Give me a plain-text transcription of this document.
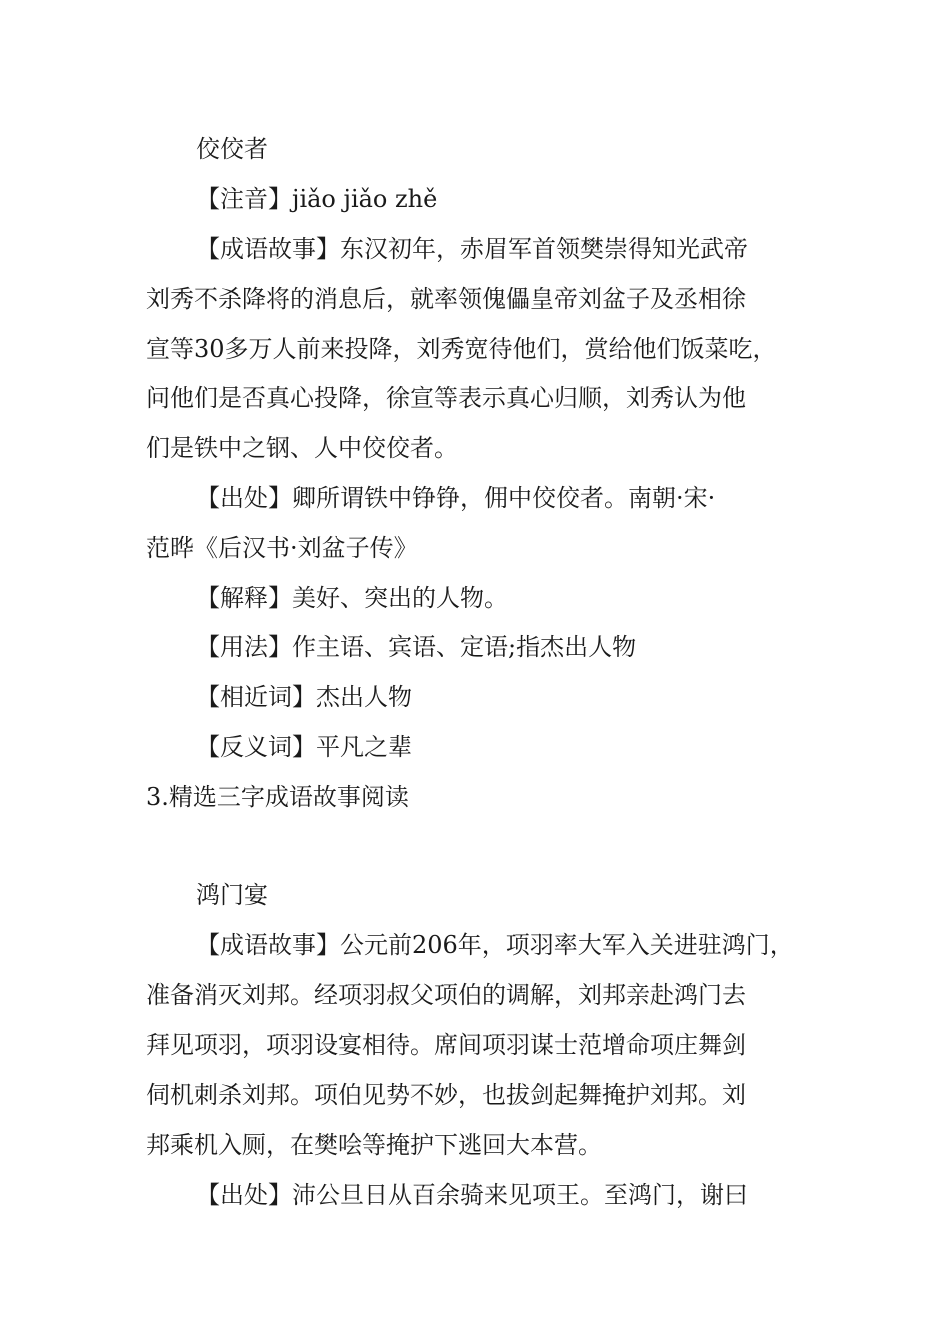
佼佼者
【注音】jiǎo jiǎo zhě
【成语故事】东汉初年，赤眉军首领樊崇得知光武帝
刘秀不杀降将的消息后，就率领傀儡皇帝刘盆子及丞相徐
宣等30多万人前来投降，刘秀宽待他们，赏给他们饭菜吃，
问他们是否真心投降，徐宣等表示真心归顺，刘秀认为他
们是铁中之钢、人中佼佼者。
【出处】卿所谓铁中铮铮，佣中佼佼者。南朝·宋·
范晔《后汉书·刘盆子传》
【解释】美好、突出的人物。
【用法】作主语、宾语、定语;指杰出人物
【相近词】杰出人物
【反义词】平凡之辈
3.精选三字成语故事阅读
鸿门宴
【成语故事】公元前206年，项羽率大军入关进驻鸿门，
准备消灭刘邦。经项羽叔父项伯的调解，刘邦亲赴鸿门去
拜见项羽，项羽设宴相待。席间项羽谋士范增命项庄舞剑
伺机刺杀刘邦。项伯见势不妙，也拔剑起舞掩护刘邦。刘
邦乘机入厕，在樊哙等掩护下逃回大本营。
【出处】沛公旦日从百余骑来见项王。至鸿门，谢曰
